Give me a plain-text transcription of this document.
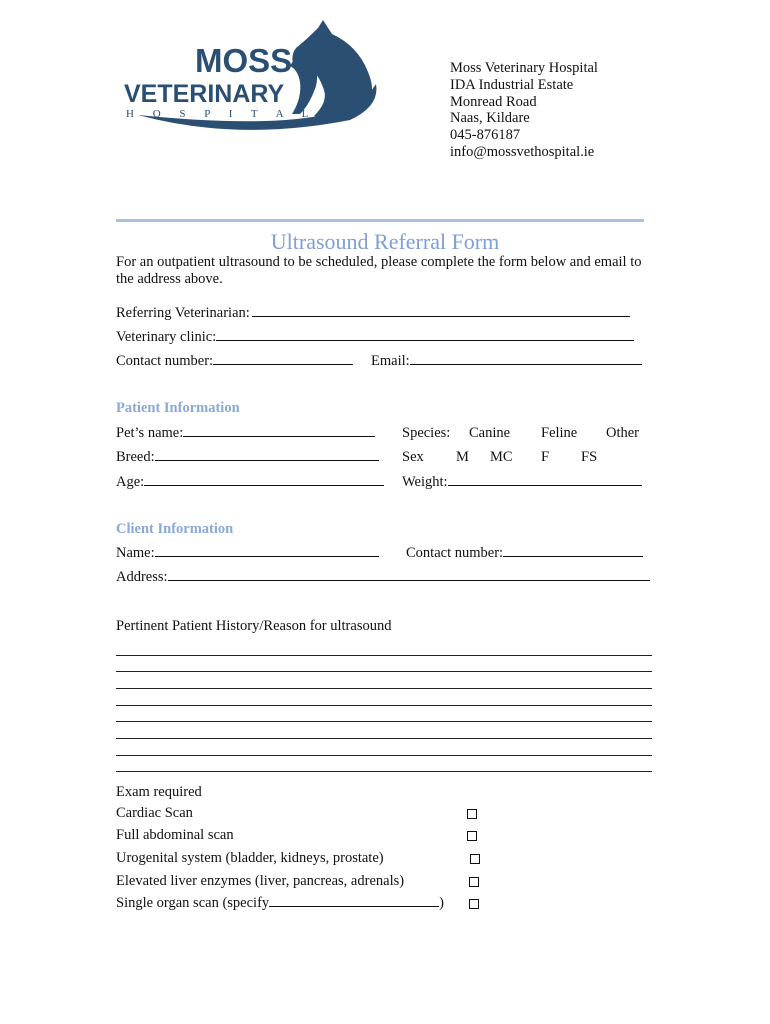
MOSS
VETERINARY
H O S P I T A L
Moss Veterinary Hospital
IDA Industrial Estate
Monread Road
Naas, Kildare
045-876187
info@mossvethospital.ie
Ultrasound Referral Form
For an outpatient ultrasound to be scheduled, please complete the form below and email to the address above.
Referring Veterinarian:
Veterinary clinic:
Contact number:	Email:
Patient Information
Pet’s name:	Species: Canine Feline Other
Breed:	Sex M MC F FS
Age:	Weight:
Client Information
Name:	Contact number:
Address:
Pertinent Patient History/Reason for ultrasound
Exam required
Cardiac Scan
Full abdominal scan
Urogenital system (bladder, kidneys, prostate)
Elevated liver enzymes (liver, pancreas, adrenals)
Single organ scan (specify	)
